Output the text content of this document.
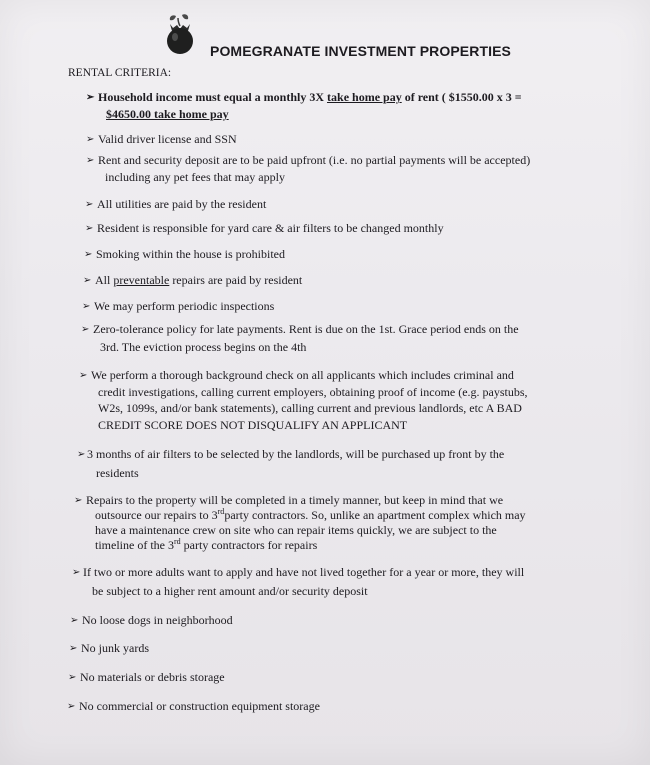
POMEGRANATE INVESTMENT PROPERTIES
RENTAL CRITERIA:
➢ Household income must equal a monthly 3X take home pay of rent ( $1550.00 x 3 =
$4650.00 take home pay
➢ Valid driver license and SSN
➢ Rent and security deposit are to be paid upfront (i.e. no partial payments will be accepted)
including any pet fees that may apply
➢ All utilities are paid by the resident
➢ Resident is responsible for yard care & air filters to be changed monthly
➢ Smoking within the house is prohibited
➢ All preventable repairs are paid by resident
➢ We may perform periodic inspections
➢ Zero-tolerance policy for late payments. Rent is due on the 1st. Grace period ends on the
3rd. The eviction process begins on the 4th
➢ We perform a thorough background check on all applicants which includes criminal and
credit investigations, calling current employers, obtaining proof of income (e.g. paystubs,
W2s, 1099s, and/or bank statements), calling current and previous landlords, etc A BAD
CREDIT SCORE DOES NOT DISQUALIFY AN APPLICANT
➢ 3 months of air filters to be selected by the landlords, will be purchased up front by the
residents
➢ Repairs to the property will be completed in a timely manner, but keep in mind that we
outsource our repairs to 3rdparty contractors. So, unlike an apartment complex which may
have a maintenance crew on site who can repair items quickly, we are subject to the
timeline of the 3rd party contractors for repairs
➢ If two or more adults want to apply and have not lived together for a year or more, they will
be subject to a higher rent amount and/or security deposit
➢ No loose dogs in neighborhood
➢ No junk yards
➢ No materials or debris storage
➢ No commercial or construction equipment storage
